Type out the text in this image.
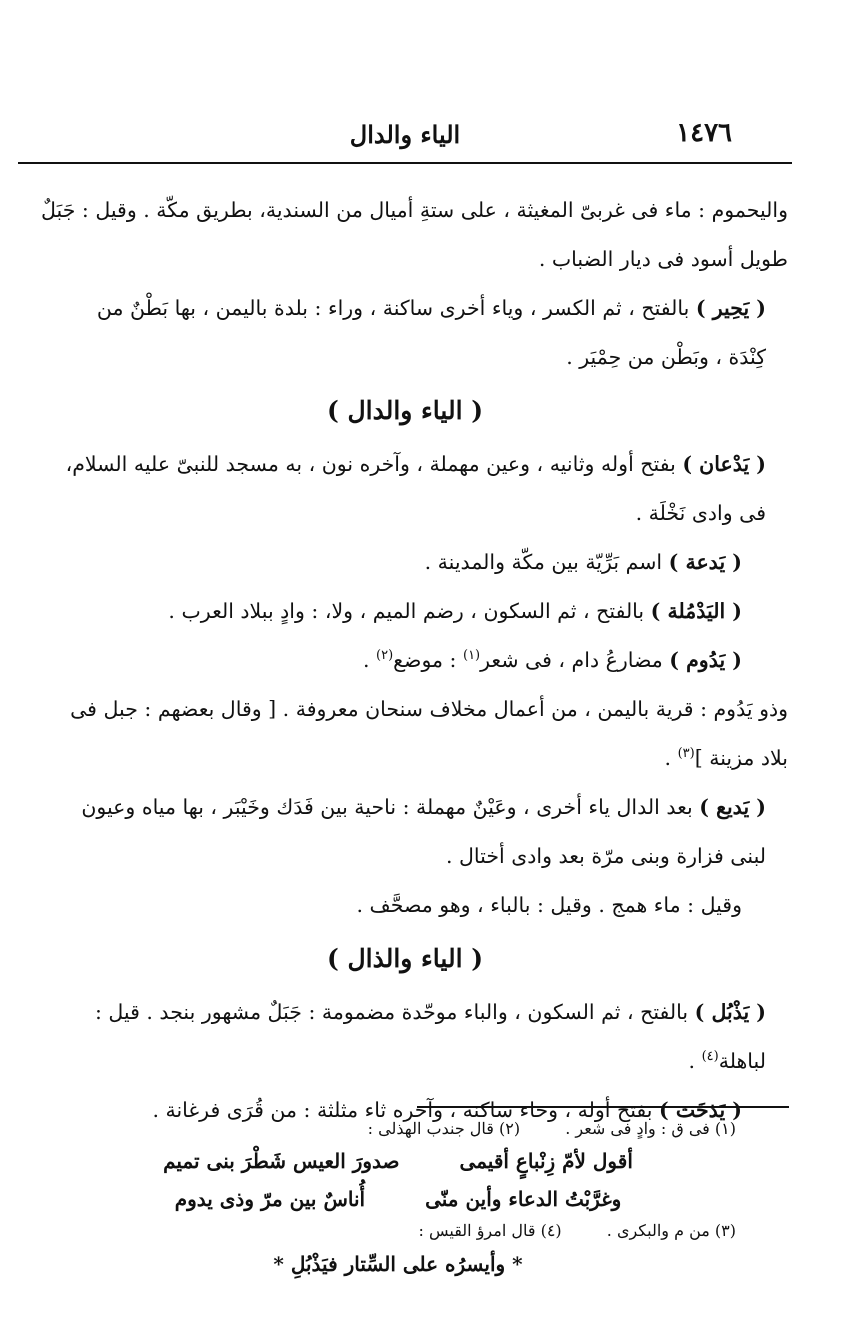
١٤٧٦
الياء والدال

واليحموم : ماء فى غربىّ المغيثة ، على ستةِ أميال من السندية، بطريق مكّة . وقيل : جَبَلٌ
طويل أسود فى ديار الضباب .

( يَحِير ) بالفتح ، ثم الكسر ، وياء أخرى ساكنة ، وراء : بلدة باليمن ، بها بَطْنٌ من
كِنْدَة ، وبَطْن من حِمْيَر .

( الياء والدال )

( يَدْعان ) بفتح أوله وثانيه ، وعين مهملة ، وآخره نون ، به مسجد للنبىّ عليه السلام،
فى وادى نَخْلَة .

( يَدعة ) اسم بَرِّيّة بين مكّة والمدينة .

( اليَدْمُلة ) بالفتح ، ثم السكون ، رضم الميم ، ولا، : وادٍ ببلاد العرب .

( يَدُوم ) مضارعُ دام ، فى شعر$^{(١)}$ : موضع$^{(٢)}$ .

وذو يَدُوم : قرية باليمن ، من أعمال مخلاف سنحان معروفة . [ وقال بعضهم : جبل فى
بلاد مزينة ]$^{(٣)}$ .

( يَديع ) بعد الدال ياء أخرى ، وعَيْنٌ مهملة : ناحية بين فَدَك وخَيْبَر ، بها مياه وعيون
لبنى فزارة وبنى مرّة بعد وادى أختال .

وقيل : ماء همج . وقيل : بالباء ، وهو مصحَّف .

( الياء والذال )

( يَذْبُل ) بالفتح ، ثم السكون ، والباء موحّدة مضمومة : جَبَلٌ مشهور بنجد . قيل :
لباهلة$^{(٤)}$ .

( يَذخَث ) بفتح أوله ، وخاء ساكنة ، وآخره ثاء مثلثة : من قُرَى فرغانة .

(١) فى ق : وادٍ فى شعر . (٢) قال جندب الهذلى :

أقول لأمّ زِنْباعٍ أقيمى
صدورَ العيس شَطْرَ بنى تميم
وغرَّبْتُ الدعاء وأين منّى
أُناسٌ بين مرّ وذى يدوم

(٣) من م والبكرى . (٤) قال امرؤ القيس :

* وأيسرُه على السِّتار فيَذْبُلِ *
